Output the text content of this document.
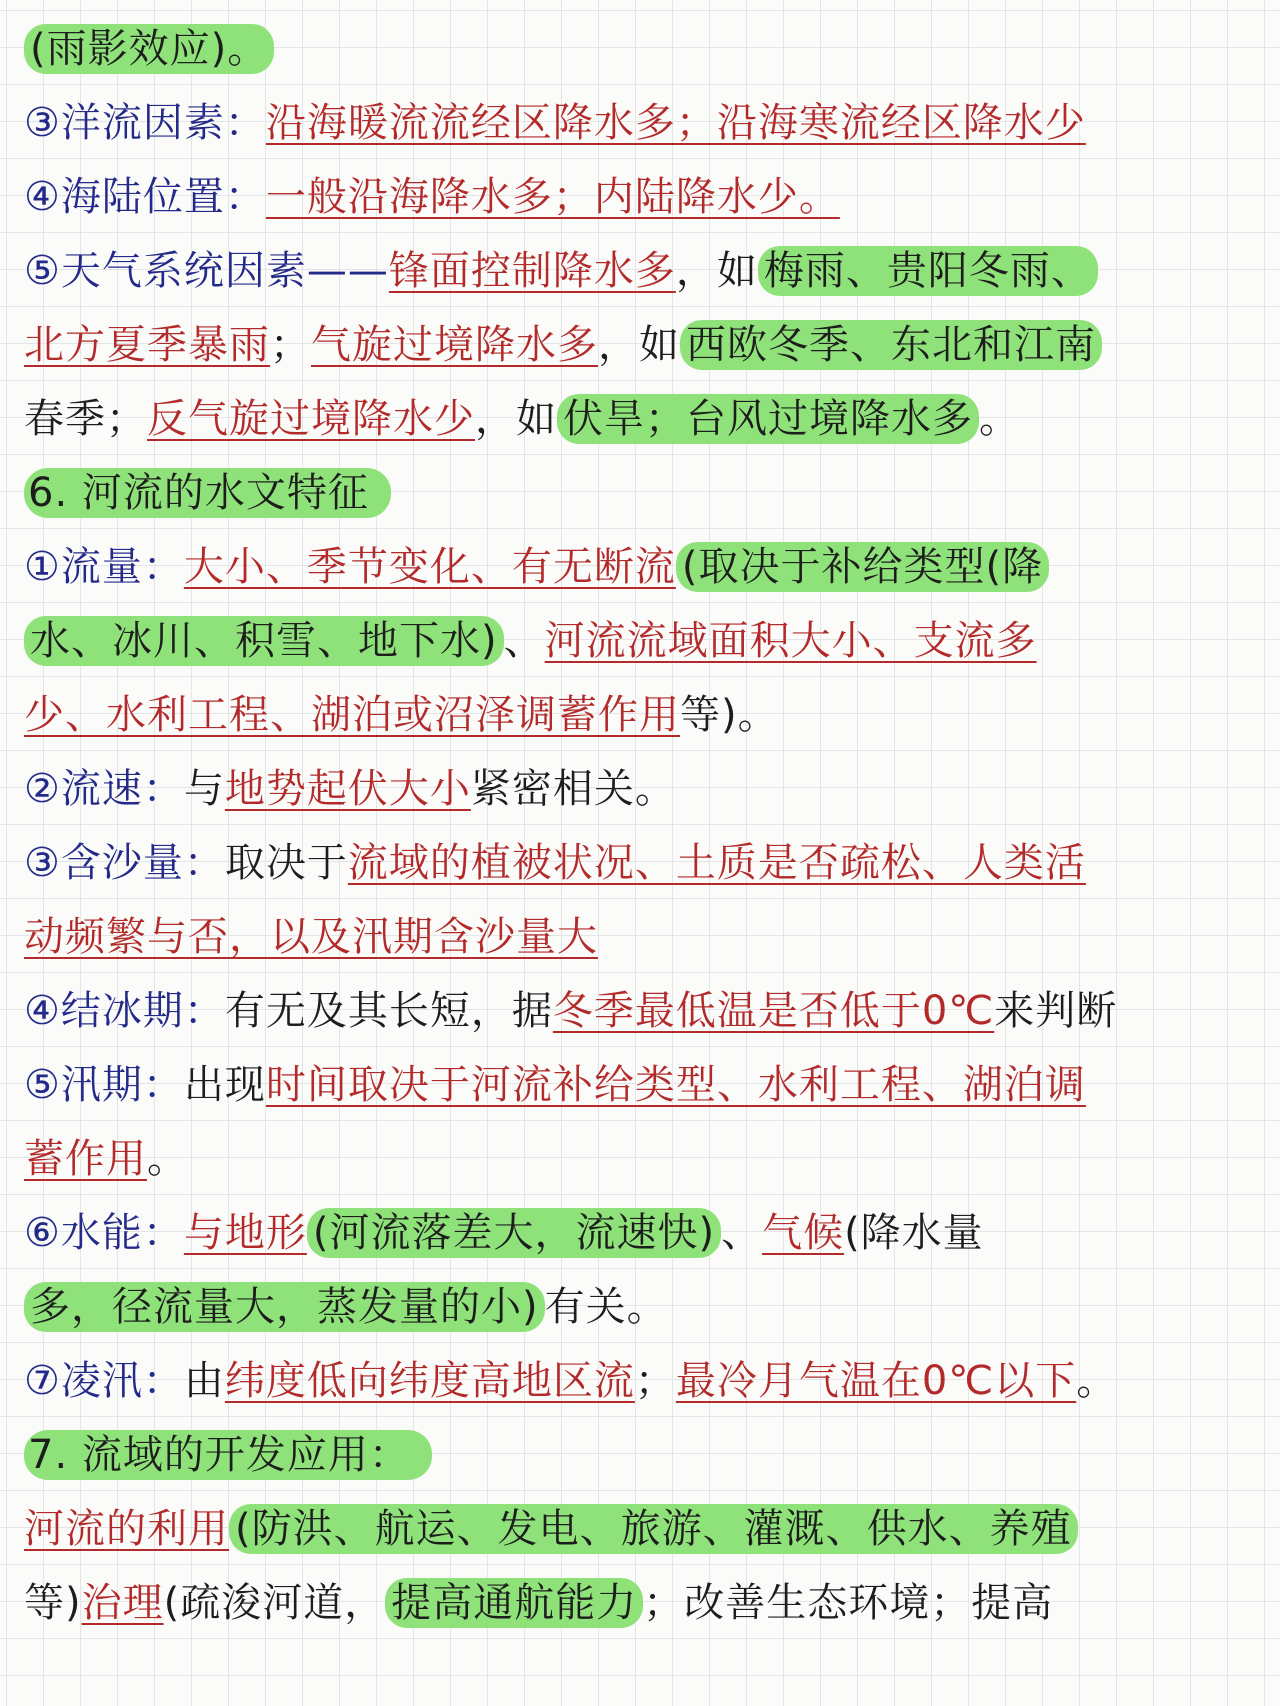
(雨影效应)。
③洋流因素：沿海暖流流经区降水多；沿海寒流经区降水少
④海陆位置：一般沿海降水多；内陆降水少。
⑤天气系统因素——锋面控制降水多，如 梅雨、贵阳冬雨、
北方夏季暴雨；气旋过境降水多，如 西欧冬季、东北和江南
春季；反气旋过境降水少，如 伏旱；台风过境降水多 。
6. 河流的水文特征
①流量：大小、季节变化、有无断流 (取决于补给类型(降
水、冰川、积雪、地下水) 、河流流域面积大小、支流多
少、水利工程、湖泊或沼泽调蓄作用等)。
②流速：与地势起伏大小紧密相关。
③含沙量：取决于流域的植被状况、土质是否疏松、人类活
动频繁与否，以及汛期含沙量大
④结冰期：有无及其长短，据冬季最低温是否低于0℃来判断
⑤汛期：出现时间取决于河流补给类型、水利工程、湖泊调
蓄作用。
⑥水能：与地形 (河流落差大，流速快) 、气候(降水量
多，径流量大，蒸发量的小) 有关。
⑦凌汛：由纬度低向纬度高地区流；最冷月气温在0℃以下。
7. 流域的开发应用：
河流的利用 (防洪、航运、发电、旅游、灌溉、供水、养殖
等)治理(疏浚河道， 提高通航能力 ；改善生态环境；提高
